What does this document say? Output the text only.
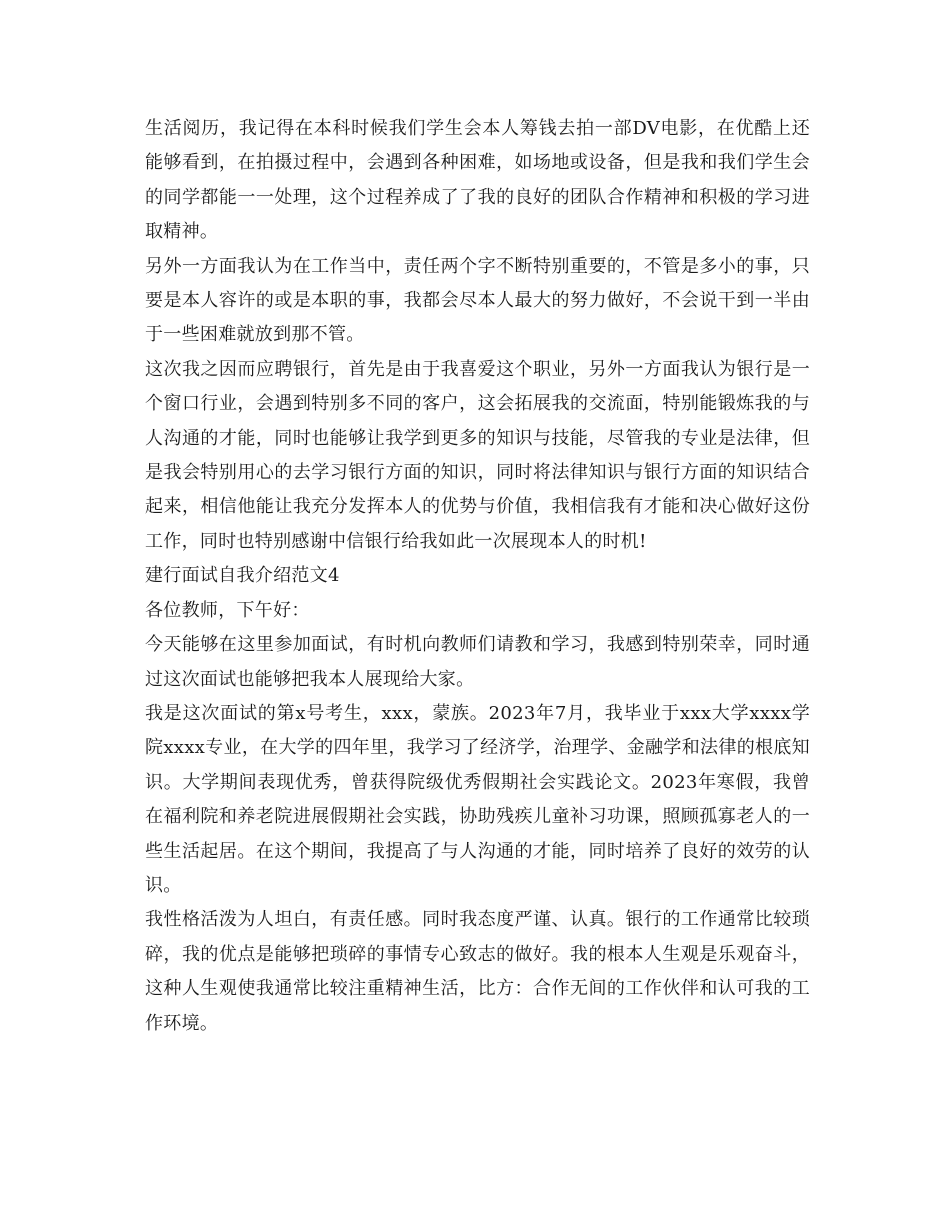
生活阅历，我记得在本科时候我们学生会本人筹钱去拍一部DV电影，在优酷上还能够看到，在拍摄过程中，会遇到各种困难，如场地或设备，但是我和我们学生会的同学都能一一处理，这个过程养成了了我的良好的团队合作精神和积极的学习进取精神。

另外一方面我认为在工作当中，责任两个字不断特别重要的，不管是多小的事，只要是本人容许的或是本职的事，我都会尽本人最大的努力做好，不会说干到一半由于一些困难就放到那不管。

这次我之因而应聘银行，首先是由于我喜爱这个职业，另外一方面我认为银行是一个窗口行业，会遇到特别多不同的客户，这会拓展我的交流面，特别能锻炼我的与人沟通的才能，同时也能够让我学到更多的知识与技能，尽管我的专业是法律，但是我会特别用心的去学习银行方面的知识，同时将法律知识与银行方面的知识结合起来，相信他能让我充分发挥本人的优势与价值，我相信我有才能和决心做好这份工作，同时也特别感谢中信银行给我如此一次展现本人的时机!

建行面试自我介绍范文4

各位教师，下午好：

今天能够在这里参加面试，有时机向教师们请教和学习，我感到特别荣幸，同时通过这次面试也能够把我本人展现给大家。

我是这次面试的第x号考生，xxx，蒙族。2023年7月，我毕业于xxx大学xxxx学院xxxx专业，在大学的四年里，我学习了经济学，治理学、金融学和法律的根底知识。大学期间表现优秀，曾获得院级优秀假期社会实践论文。2023年寒假，我曾在福利院和养老院进展假期社会实践，协助残疾儿童补习功课，照顾孤寡老人的一些生活起居。在这个期间，我提高了与人沟通的才能，同时培养了良好的效劳的认识。

我性格活泼为人坦白，有责任感。同时我态度严谨、认真。银行的工作通常比较琐碎，我的优点是能够把琐碎的事情专心致志的做好。我的根本人生观是乐观奋斗，这种人生观使我通常比较注重精神生活，比方：合作无间的工作伙伴和认可我的工作环境。
